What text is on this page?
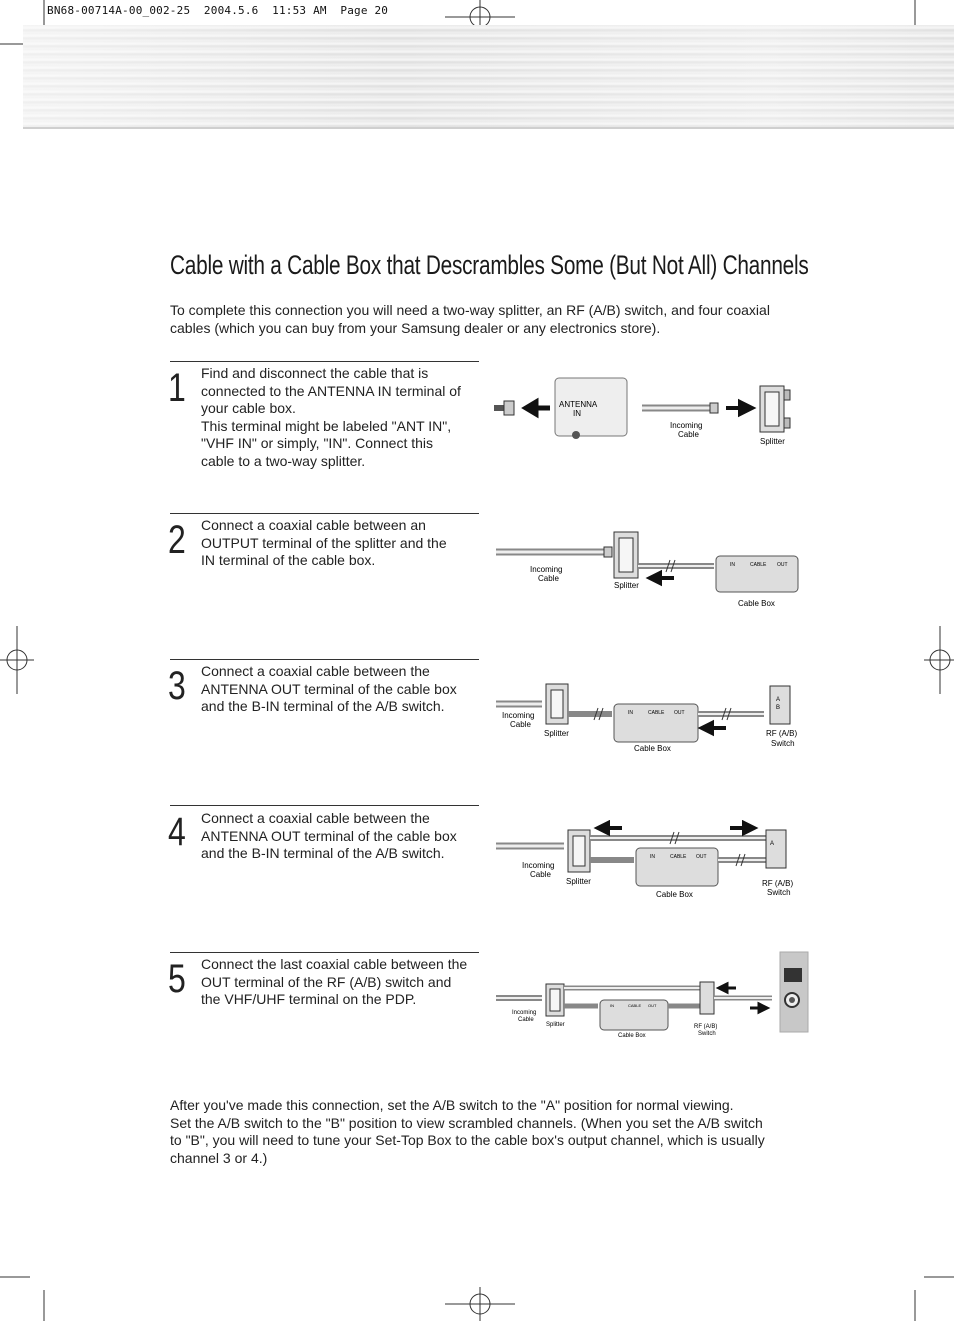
BN68-00714A-00_002-25  2004.5.6  11:53 AM  Page 20
Cable with a Cable Box that Descrambles Some (But Not All) Channels
To complete this connection you will need a two-way splitter, an RF (A/B) switch, and four coaxial cables (which you can buy from your Samsung dealer or any electronics store).
1 Find and disconnect the cable that is
connected to the ANTENNA IN terminal of
your cable box.
This terminal might be labeled "ANT IN",
"VHF IN" or simply, "IN". Connect this
cable to a two-way splitter.
2 Connect a coaxial cable between an
OUTPUT terminal of the splitter and the
IN terminal of the cable box.
3 Connect a coaxial cable between the
ANTENNA OUT terminal of the cable box
and the B-IN terminal of the A/B switch.
4 Connect a coaxial cable between the
ANTENNA OUT terminal of the cable box
and the B-IN terminal of the A/B switch.
5 Connect the last coaxial cable between the
OUT terminal of the RF (A/B) switch and
the VHF/UHF terminal on the PDP.
ANTENNA
IN
Incoming
Cable
Splitter
IN	CABLE OUT
Incoming
Cable
Splitter
Cable Box
IN	CABLE OUT
A
B
Incoming
Cable
Splitter
Cable Box
RF (A/B)
Switch
IN	CABLE OUT
A
Incoming
Cable
Splitter
Cable Box
RF (A/B)
Switch
IN	CABLE OUT
Incoming
Cable
Splitter
Cable Box
RF (A/B)
Switch
After you've made this connection, set the A/B switch to the "A" position for normal viewing.
Set the A/B switch to the "B" position to view scrambled channels. (When you set the A/B switch
to "B", you will need to tune your Set-Top Box to the cable box's output channel, which is usually
channel 3 or 4.)
